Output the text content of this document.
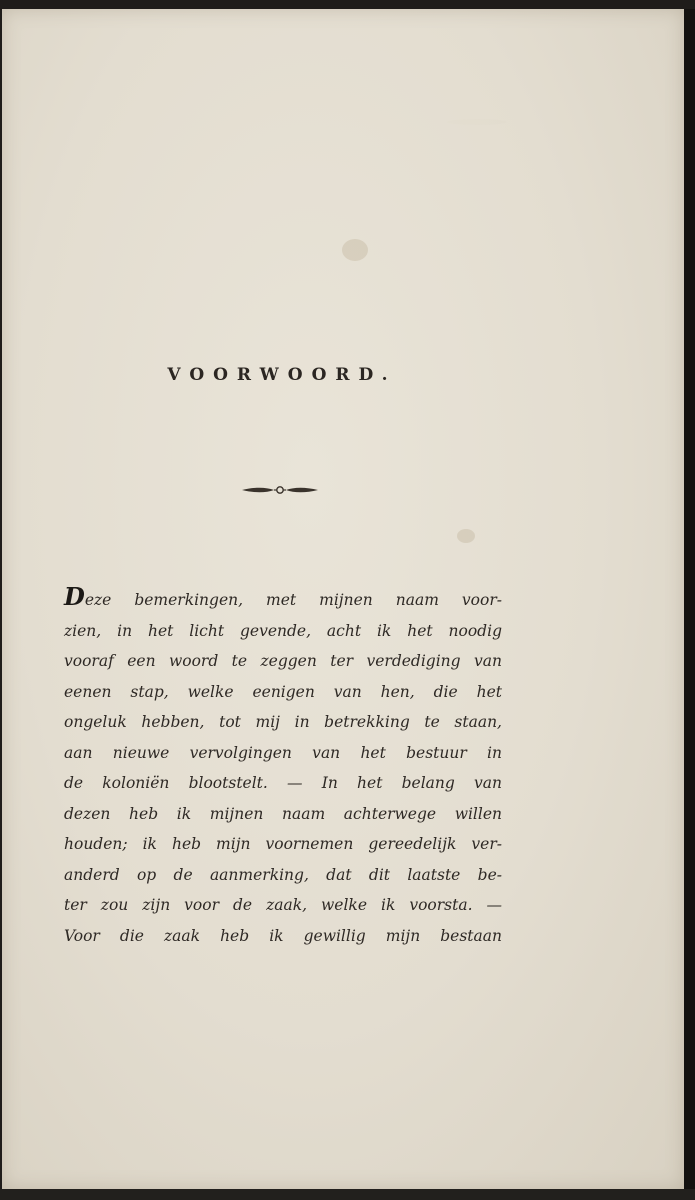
VOORWOORD.
Deze bemerkingen, met mijnen naam voor-
zien, in het licht gevende, acht ik het noodig
vooraf een woord te zeggen ter verdediging van
eenen stap, welke eenigen van hen, die het
ongeluk hebben, tot mij in betrekking te staan,
aan nieuwe vervolgingen van het bestuur in
de koloniën blootstelt. — In het belang van
dezen heb ik mijnen naam achterwege willen
houden; ik heb mijn voornemen gereedelijk ver-
anderd op de aanmerking, dat dit laatste be-
ter zou zijn voor de zaak, welke ik voorsta. —
Voor die zaak heb ik gewillig mijn bestaan
